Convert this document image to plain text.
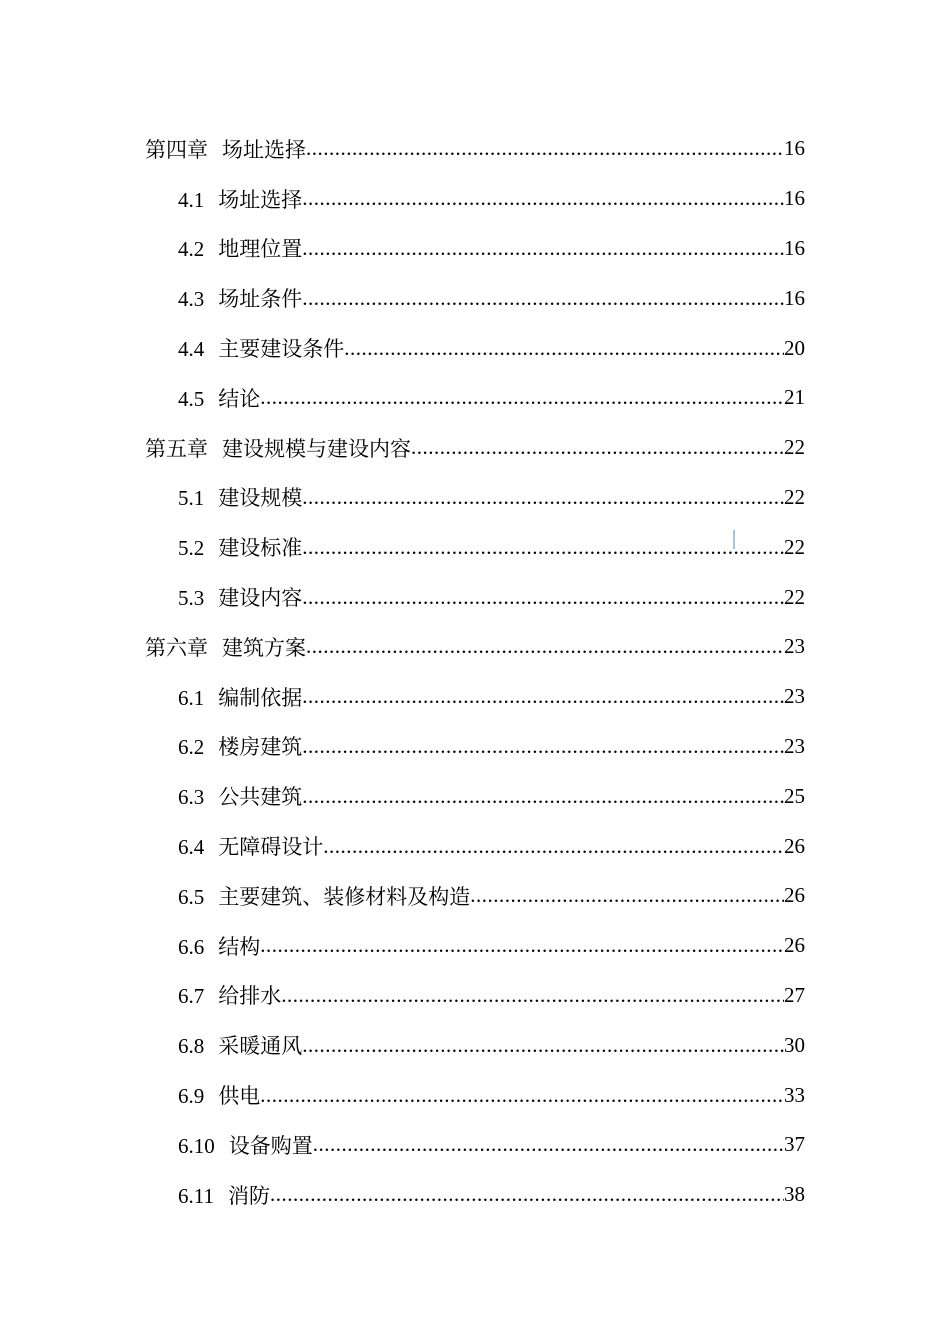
第四章 场址选择 .....	16
4.1 场址选择 .....	16
4.2 地理位置 .....	16
4.3 场址条件 .....	16
4.4 主要建设条件 .....	20
4.5 结论 .....	21
第五章 建设规模与建设内容 .....	22
5.1 建设规模 .....	22
5.2 建设标准 .....	22
5.3 建设内容 .....	22
第六章 建筑方案 .....	23
6.1 编制依据 .....	23
6.2 楼房建筑 .....	23
6.3 公共建筑 .....	25
6.4 无障碍设计 .....	26
6.5 主要建筑、装修材料及构造 .....	26
6.6 结构 .....	26
6.7 给排水 .....	27
6.8 采暖通风 .....	30
6.9 供电 .....	33
6.10 设备购置 .....	37
6.11 消防 .....	38
